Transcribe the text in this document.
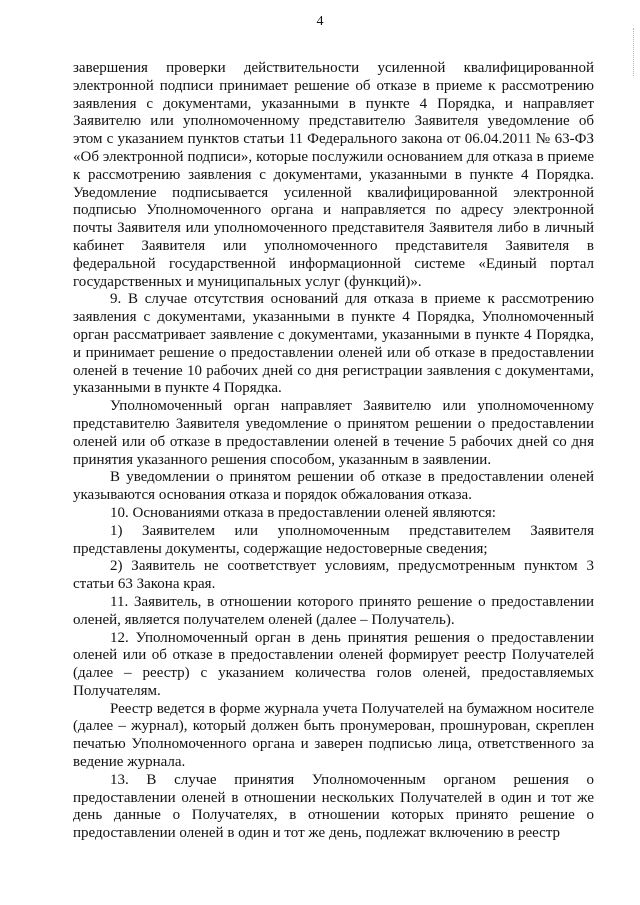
4

завершения проверки действительности усиленной квалифицированной электронной подписи принимает решение об отказе в приеме к рассмотрению заявления с документами, указанными в пункте 4 Порядка, и направляет Заявителю или уполномоченному представителю Заявителя уведомление об этом с указанием пунктов статьи 11 Федерального закона от 06.04.2011 № 63-ФЗ «Об электронной подписи», которые послужили основанием для отказа в приеме к рассмотрению заявления с документами, указанными в пункте 4 Порядка. Уведомление подписывается усиленной квалифицированной электронной подписью Уполномоченного органа и направляется по адресу электронной почты Заявителя или уполномоченного представителя Заявителя либо в личный кабинет Заявителя или уполномоченного представителя Заявителя в федеральной государственной информационной системе «Единый портал государственных и муниципальных услуг (функций)».

9. В случае отсутствия оснований для отказа в приеме к рассмотрению заявления с документами, указанными в пункте 4 Порядка, Уполномоченный орган рассматривает заявление с документами, указанными в пункте 4 Порядка, и принимает решение о предоставлении оленей или об отказе в предоставлении оленей в течение 10 рабочих дней со дня регистрации заявления с документами, указанными в пункте 4 Порядка.

Уполномоченный орган направляет Заявителю или уполномоченному представителю Заявителя уведомление о принятом решении о предоставлении оленей или об отказе в предоставлении оленей в течение 5 рабочих дней со дня принятия указанного решения способом, указанным в заявлении.

В уведомлении о принятом решении об отказе в предоставлении оленей указываются основания отказа и порядок обжалования отказа.

10. Основаниями отказа в предоставлении оленей являются:

1) Заявителем или уполномоченным представителем Заявителя представлены документы, содержащие недостоверные сведения;

2) Заявитель не соответствует условиям, предусмотренным пунктом 3 статьи 63 Закона края.

11. Заявитель, в отношении которого принято решение о предоставлении оленей, является получателем оленей (далее – Получатель).

12. Уполномоченный орган в день принятия решения о предоставлении оленей или об отказе в предоставлении оленей формирует реестр Получателей (далее – реестр) с указанием количества голов оленей, предоставляемых Получателям.

Реестр ведется в форме журнала учета Получателей на бумажном носителе (далее – журнал), который должен быть пронумерован, прошнурован, скреплен печатью Уполномоченного органа и заверен подписью лица, ответственного за ведение журнала.

13. В случае принятия Уполномоченным органом решения о предоставлении оленей в отношении нескольких Получателей в один и тот же день данные о Получателях, в отношении которых принято решение о предоставлении оленей в один и тот же день, подлежат включению в реестр
